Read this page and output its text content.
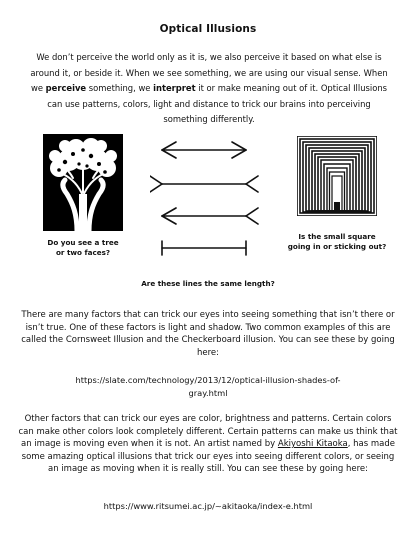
Optical Illusions
We don’t perceive the world only as it is, we also perceive it based on what else is around it, or beside it. When we see something, we are using our visual sense. When we perceive something, we interpret it or make meaning out of it. Optical Illusions can use patterns, colors, light and distance to trick our brains into perceiving something differently.
Do you see a tree
or two faces?
Are these lines the same length?
Is the small square
going in or sticking out?
There are many factors that can trick our eyes into seeing something that isn’t there or isn’t true. One of these factors is light and shadow. Two common examples of this are called the Cornsweet Illusion and the Checkerboard illusion. You can see these by going here:
https://slate.com/technology/2013/12/optical-illusion-shades-of-
gray.html
Other factors that can trick our eyes are color, brightness and patterns. Certain colors can make other colors look completely different. Certain patterns can make us think that an image is moving even when it is not. An artist named by Akiyoshi Kitaoka, has made some amazing optical illusions that trick our eyes into seeing different colors, or seeing an image as moving when it is really still. You can see these by going here:
https://www.ritsumei.ac.jp/~akitaoka/index-e.html
